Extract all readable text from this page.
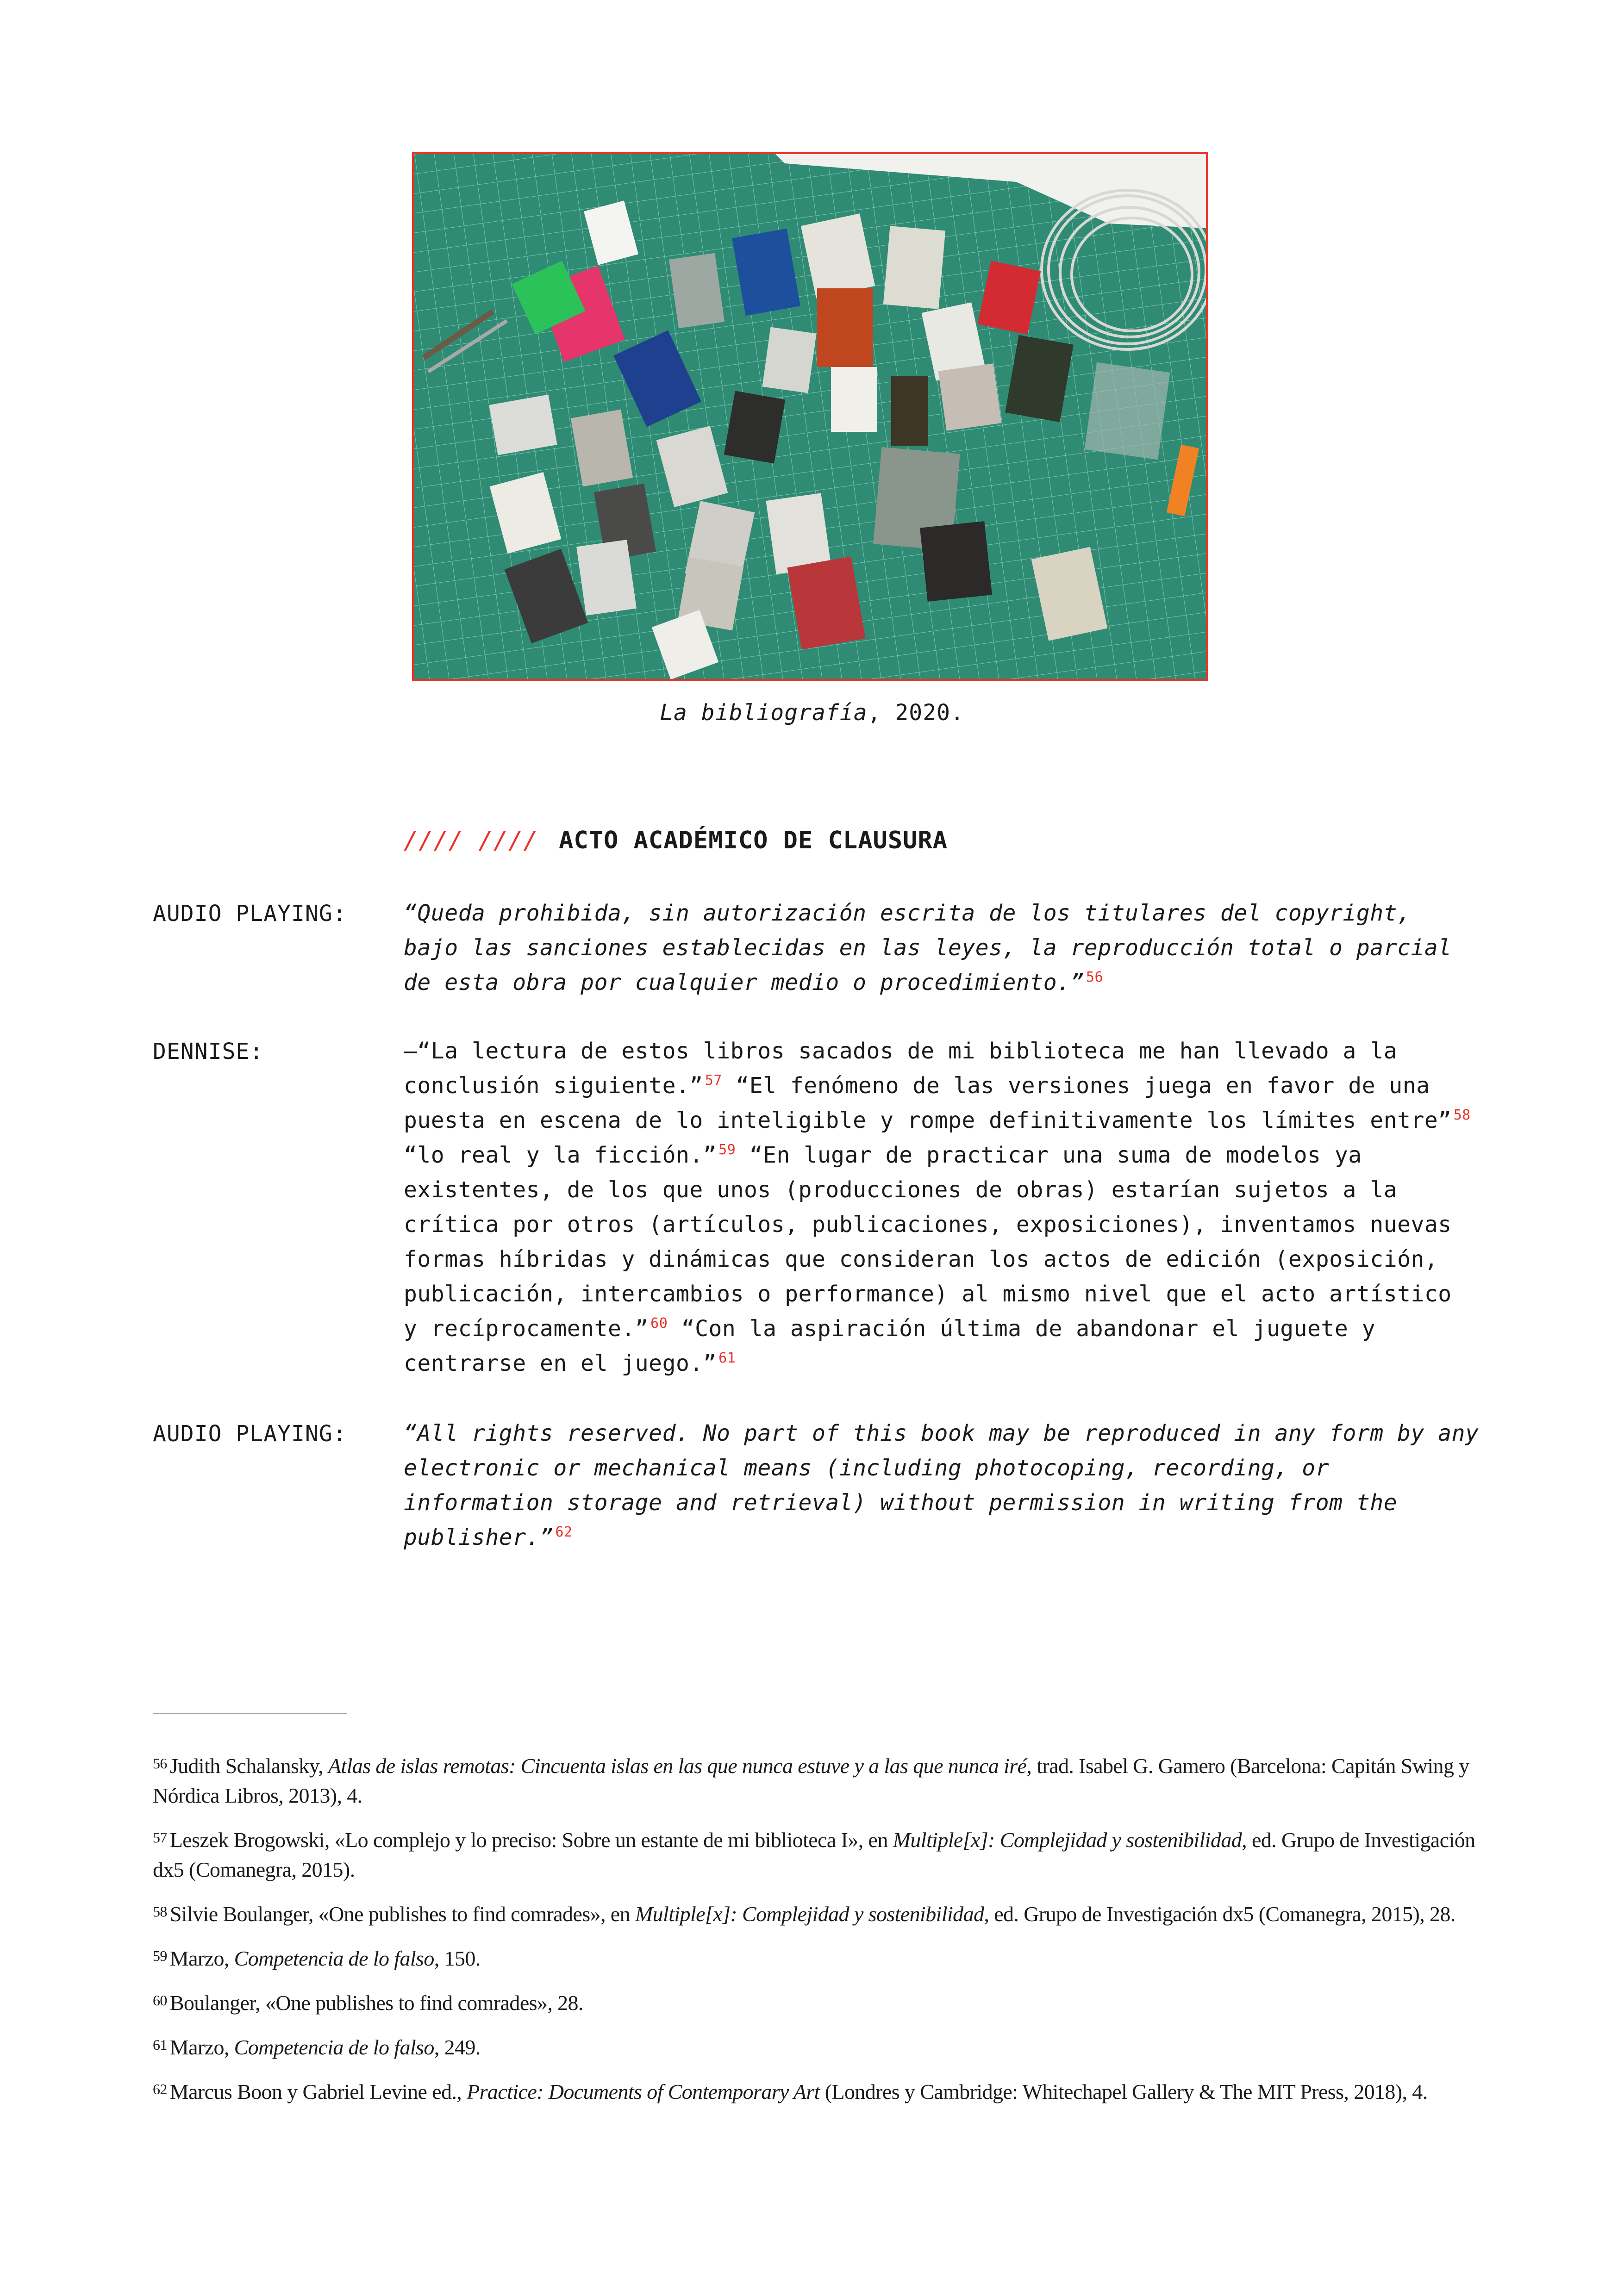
La bibliografía, 2020.
//// //// ACTO ACADÉMICO DE CLAUSURA
AUDIO PLAYING:	“Queda prohibida, sin autorización escrita de los titulares del copyright,
bajo las sanciones establecidas en las leyes, la reproducción total o parcial
de esta obra por cualquier medio o procedimiento.” $^{56}$
DENNISE:	—“La lectura de estos libros sacados de mi biblioteca me han llevado a la
conclusión siguiente.” $^{57}$ “El fenómeno de las versiones juega en favor de una
puesta en escena de lo inteligible y rompe definitivamente los límites entre” $^{58}$
“lo real y la ficción.” $^{59}$ “En lugar de practicar una suma de modelos ya
existentes, de los que unos (producciones de obras) estarían sujetos a la
crítica por otros (artículos, publicaciones, exposiciones), inventamos nuevas
formas híbridas y dinámicas que consideran los actos de edición (exposición,
publicación, intercambios o performance) al mismo nivel que el acto artístico
y recíprocamente.” $^{60}$ “Con la aspiración última de abandonar el juguete y
centrarse en el juego.” $^{61}$
AUDIO PLAYING:	“All rights reserved. No part of this book may be reproduced in any form by any
electronic or mechanical means (including photocoping, recording, or
information storage and retrieval) without permission in writing from the
publisher.” $^{62}$

$^{56}$ Judith Schalansky, Atlas de islas remotas: Cincuenta islas en las que nunca estuve y a las que nunca iré, trad. Isabel G. Gamero (Barcelona: Capitán Swing y Nórdica Libros, 2013), 4.

$^{57}$ Leszek Brogowski, «Lo complejo y lo preciso: Sobre un estante de mi biblioteca I», en Multiple[x]: Complejidad y sostenibilidad, ed. Grupo de Investigación dx5 (Comanegra, 2015).

$^{58}$ Silvie Boulanger, «One publishes to find comrades», en Multiple[x]: Complejidad y sostenibilidad, ed. Grupo de Investigación dx5 (Comanegra, 2015), 28.

$^{59}$ Marzo, Competencia de lo falso, 150.

$^{60}$ Boulanger, «One publishes to find comrades», 28.

$^{61}$ Marzo, Competencia de lo falso, 249.

$^{62}$ Marcus Boon y Gabriel Levine ed., Practice: Documents of Contemporary Art (Londres y Cambridge: Whitechapel Gallery & The MIT Press, 2018), 4.
